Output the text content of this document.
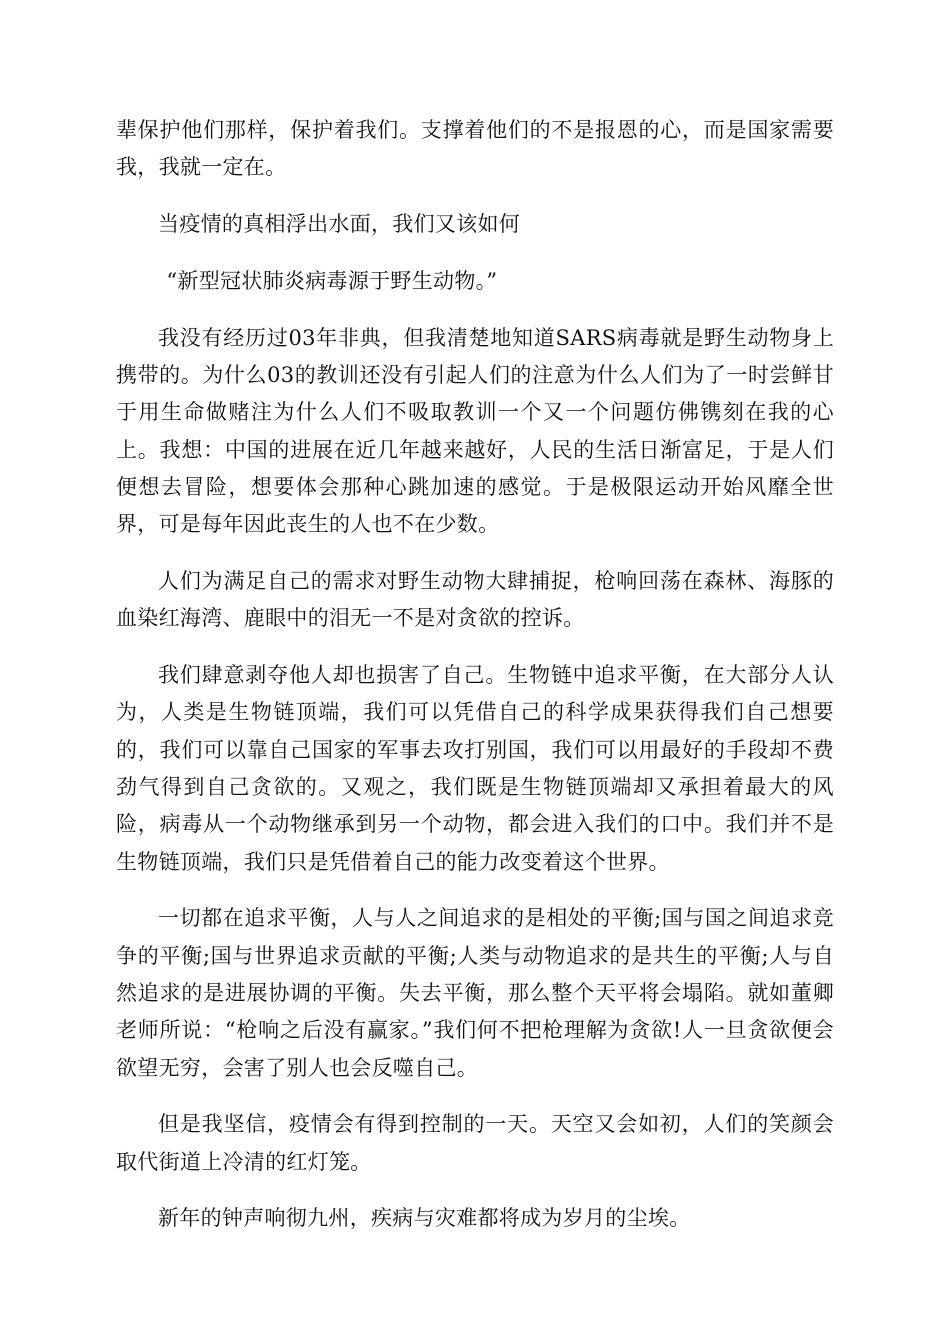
辈保护他们那样，保护着我们。支撑着他们的不是报恩的心，而是国家需要我，我就一定在。

当疫情的真相浮出水面，我们又该如何

“新型冠状肺炎病毒源于野生动物。”

我没有经历过03年非典，但我清楚地知道SARS病毒就是野生动物身上携带的。为什么03的教训还没有引起人们的注意为什么人们为了一时尝鲜甘于用生命做赌注为什么人们不吸取教训一个又一个问题仿佛镌刻在我的心上。我想：中国的进展在近几年越来越好，人民的生活日渐富足，于是人们便想去冒险，想要体会那种心跳加速的感觉。于是极限运动开始风靡全世界，可是每年因此丧生的人也不在少数。

人们为满足自己的需求对野生动物大肆捕捉，枪响回荡在森林、海豚的血染红海湾、鹿眼中的泪无一不是对贪欲的控诉。

我们肆意剥夺他人却也损害了自己。生物链中追求平衡，在大部分人认为，人类是生物链顶端，我们可以凭借自己的科学成果获得我们自己想要的，我们可以靠自己国家的军事去攻打别国，我们可以用最好的手段却不费劲气得到自己贪欲的。又观之，我们既是生物链顶端却又承担着最大的风险，病毒从一个动物继承到另一个动物，都会进入我们的口中。我们并不是生物链顶端，我们只是凭借着自己的能力改变着这个世界。

一切都在追求平衡，人与人之间追求的是相处的平衡;国与国之间追求竞争的平衡;国与世界追求贡献的平衡;人类与动物追求的是共生的平衡;人与自然追求的是进展协调的平衡。失去平衡，那么整个天平将会塌陷。就如董卿老师所说：“枪响之后没有赢家。”我们何不把枪理解为贪欲!人一旦贪欲便会欲望无穷，会害了别人也会反噬自己。

但是我坚信，疫情会有得到控制的一天。天空又会如初，人们的笑颜会取代街道上冷清的红灯笼。

新年的钟声响彻九州，疾病与灾难都将成为岁月的尘埃。
